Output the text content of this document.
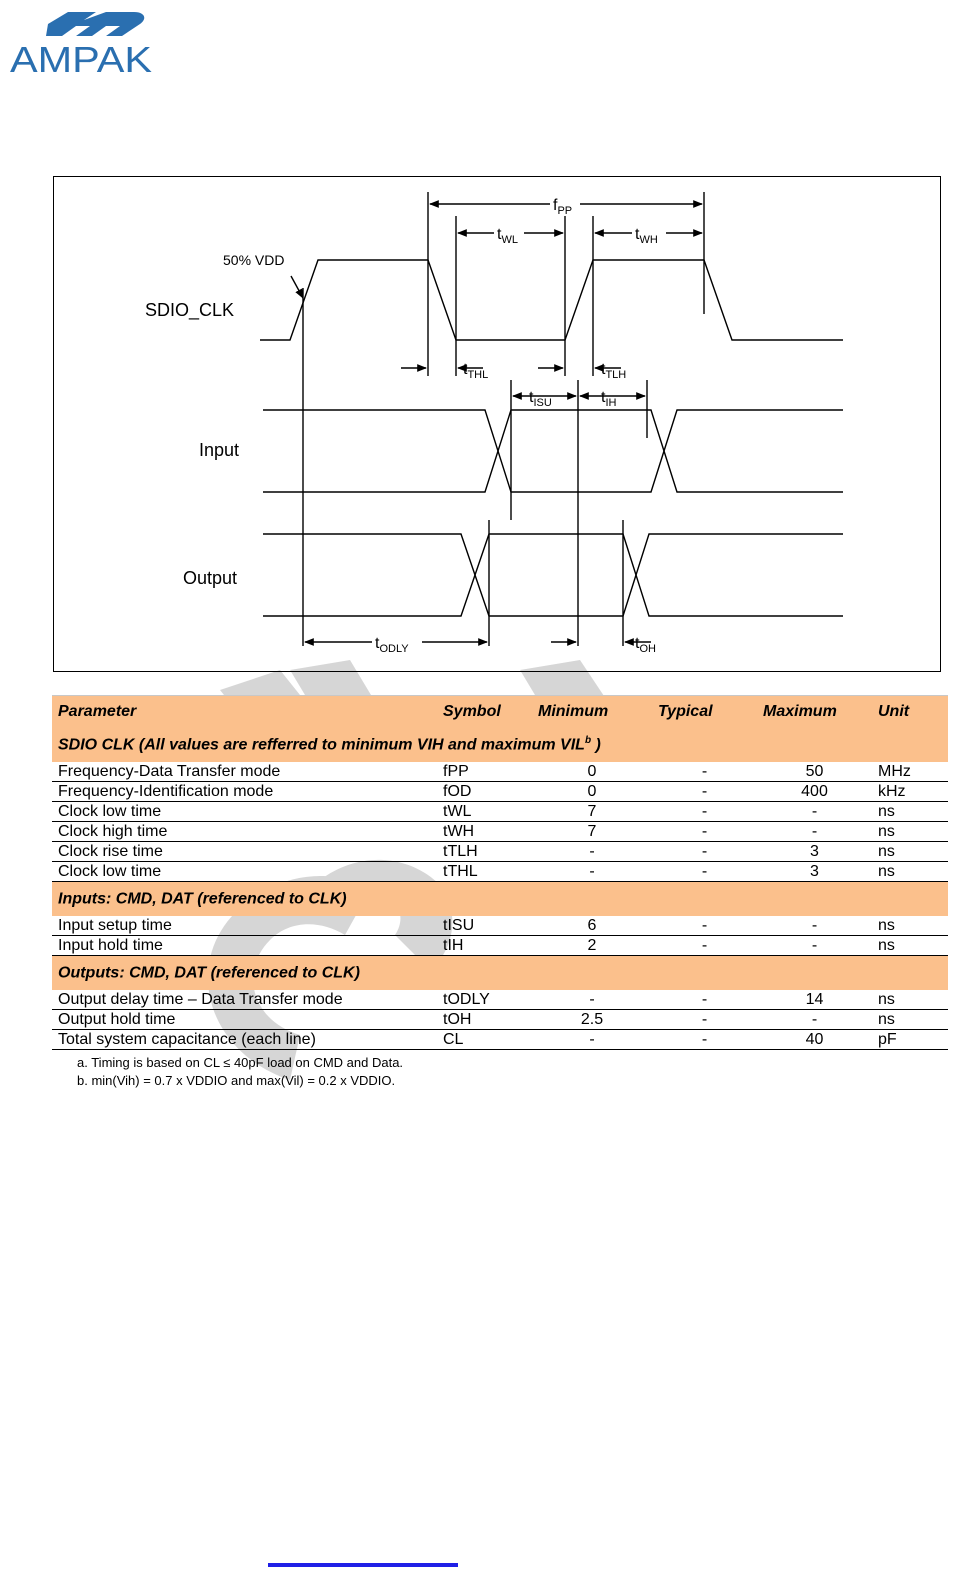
AMPAK
SDIO_CLK
Input
Output
50% VDD
$f_{PP}$
$t_{WL}$	$t_{WH}$
$t_{THL}$	$t_{TLH}$
$t_{ISU}$	$t_{IH}$
$t_{ODLY}$	$t_{OH}$
Parameter	Symbol	Minimum	Typical	Maximum	Unit
SDIO CLK (All values are refferred to minimum VIH and maximum VIL$^b$ )					
Frequency-Data Transfer mode	fPP	0	-	50	MHz
Frequency-Identification mode	fOD	0	-	400	kHz
Clock low time	tWL	7	-	-	ns
Clock high time	tWH	7	-	-	ns
Clock rise time	tTLH	-	-	3	ns
Clock low time	tTHL	-	-	3	ns
Inputs: CMD, DAT (referenced to CLK)					
Input setup time	tISU	6	-	-	ns
Input hold time	tIH	2	-	-	ns
Outputs: CMD, DAT (referenced to CLK)					
Output delay time – Data Transfer mode	tODLY	-	-	14	ns
Output hold time	tOH	2.5	-	-	ns
Total system capacitance (each line)	CL	-	-	40	pF
a. Timing is based on CL ≤ 40pF load on CMD and Data.
b. min(Vih) = 0.7 x VDDIO and max(Vil) = 0.2 x VDDIO.
